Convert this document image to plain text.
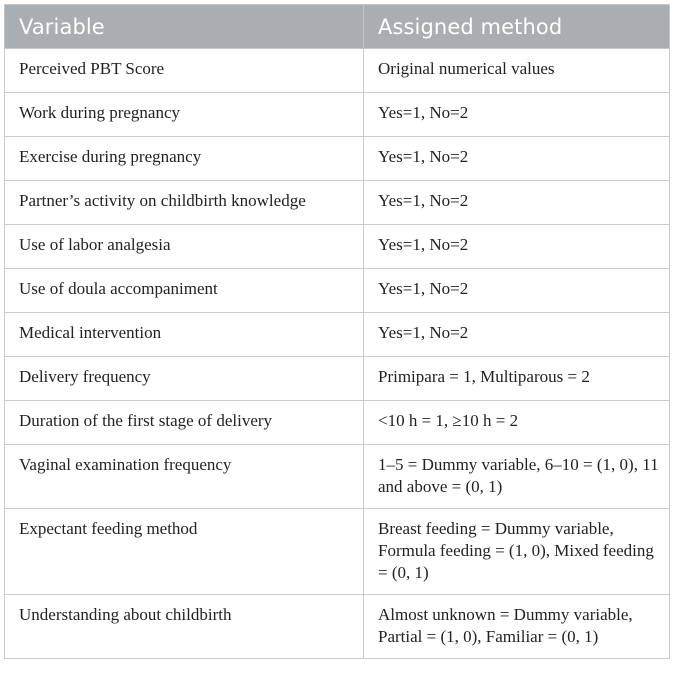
Variable	Assigned method
Perceived PBT Score	Original numerical values
Work during pregnancy	Yes=1, No=2
Exercise during pregnancy	Yes=1, No=2
Partner’s activity on childbirth knowledge	Yes=1, No=2
Use of labor analgesia	Yes=1, No=2
Use of doula accompaniment	Yes=1, No=2
Medical intervention	Yes=1, No=2
Delivery frequency	Primipara = 1, Multiparous = 2
Duration of the first stage of delivery	<10 h = 1, ≥10 h = 2
Vaginal examination frequency	1–5 = Dummy variable, 6–10 = (1, 0), 11 and above = (0, 1)
Expectant feeding method	Breast feeding = Dummy variable, Formula feeding = (1, 0), Mixed feeding = (0, 1)
Understanding about childbirth	Almost unknown = Dummy variable, Partial = (1, 0), Familiar = (0, 1)
